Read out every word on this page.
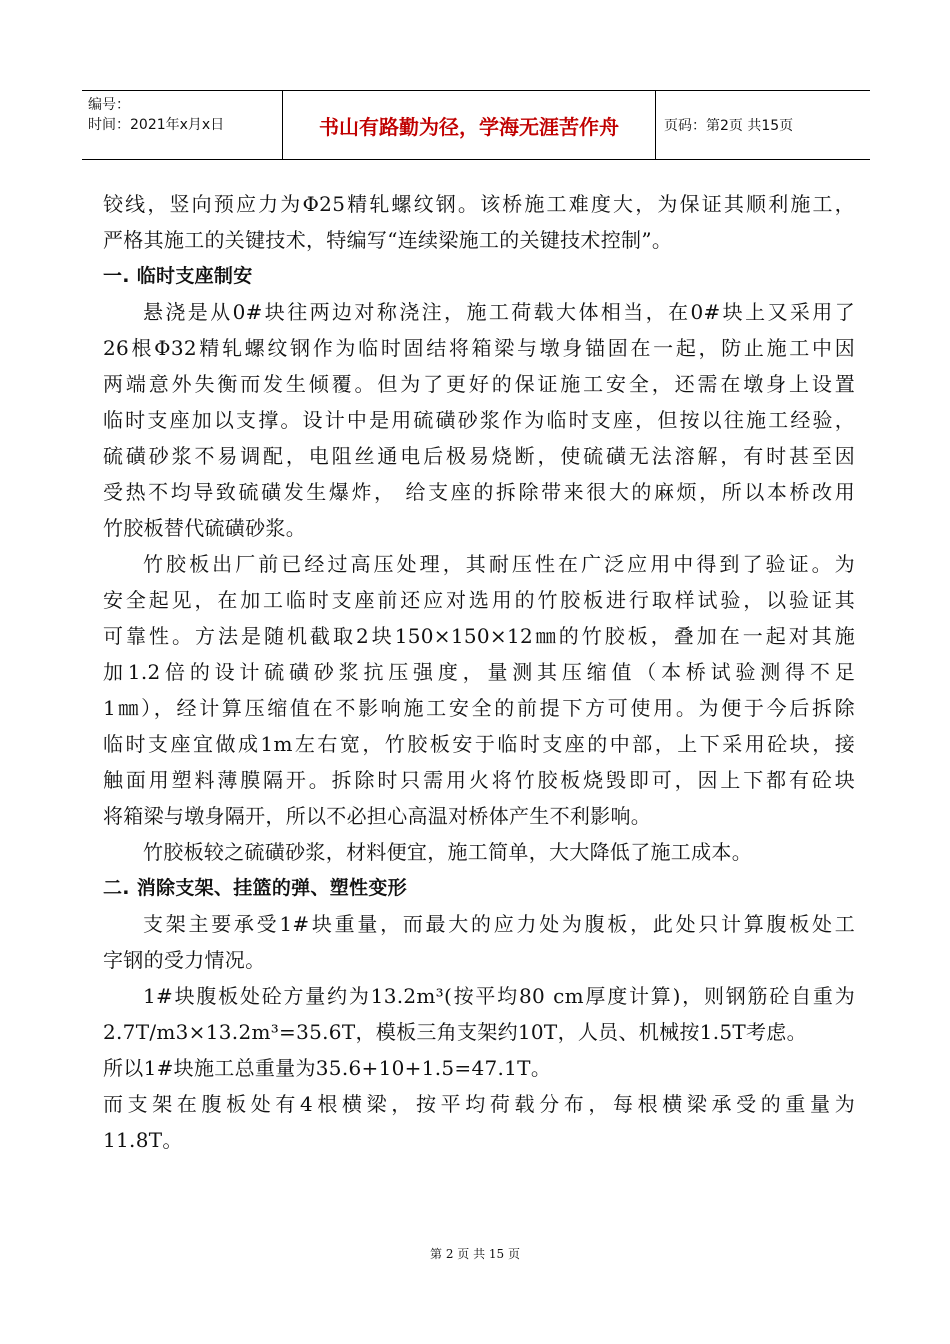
编号：
时间：2021年x月x日	书山有路勤为径，学海无涯苦作舟	页码：第2页 共15页
铰线，竖向预应力为Φ25精轧螺纹钢。该桥施工难度大，为保证其顺利施工，
严格其施工的关键技术，特编写“连续梁施工的关键技术控制”。
一. 临时支座制安
悬浇是从0#块往两边对称浇注，施工荷载大体相当，在0#块上又采用了
26根Φ32精轧螺纹钢作为临时固结将箱梁与墩身锚固在一起，防止施工中因
两端意外失衡而发生倾覆。但为了更好的保证施工安全，还需在墩身上设置
临时支座加以支撑。设计中是用硫磺砂浆作为临时支座，但按以往施工经验，
硫磺砂浆不易调配，电阻丝通电后极易烧断，使硫磺无法溶解，有时甚至因
受热不均导致硫磺发生爆炸， 给支座的拆除带来很大的麻烦，所以本桥改用
竹胶板替代硫磺砂浆。
竹胶板出厂前已经过高压处理，其耐压性在广泛应用中得到了验证。为
安全起见，在加工临时支座前还应对选用的竹胶板进行取样试验，以验证其
可靠性。方法是随机截取2块150×150×12㎜的竹胶板，叠加在一起对其施
加1.2倍的设计硫磺砂浆抗压强度，量测其压缩值（本桥试验测得不足
1㎜），经计算压缩值在不影响施工安全的前提下方可使用。为便于今后拆除
临时支座宜做成1m左右宽，竹胶板安于临时支座的中部，上下采用砼块，接
触面用塑料薄膜隔开。拆除时只需用火将竹胶板烧毁即可，因上下都有砼块
将箱梁与墩身隔开，所以不必担心高温对桥体产生不利影响。
竹胶板较之硫磺砂浆，材料便宜，施工简单，大大降低了施工成本。
二. 消除支架、挂篮的弹、塑性变形
支架主要承受1#块重量，而最大的应力处为腹板，此处只计算腹板处工
字钢的受力情况。
1#块腹板处砼方量约为13.2m³(按平均80 cm厚度计算)，则钢筋砼自重为
2.7T/m3×13.2m³=35.6T，模板三角支架约10T，人员、机械按1.5T考虑。
所以1#块施工总重量为35.6+10+1.5=47.1T。
而支架在腹板处有4根横梁，按平均荷载分布，每根横梁承受的重量为
11.8T。
第 2 页 共 15 页
